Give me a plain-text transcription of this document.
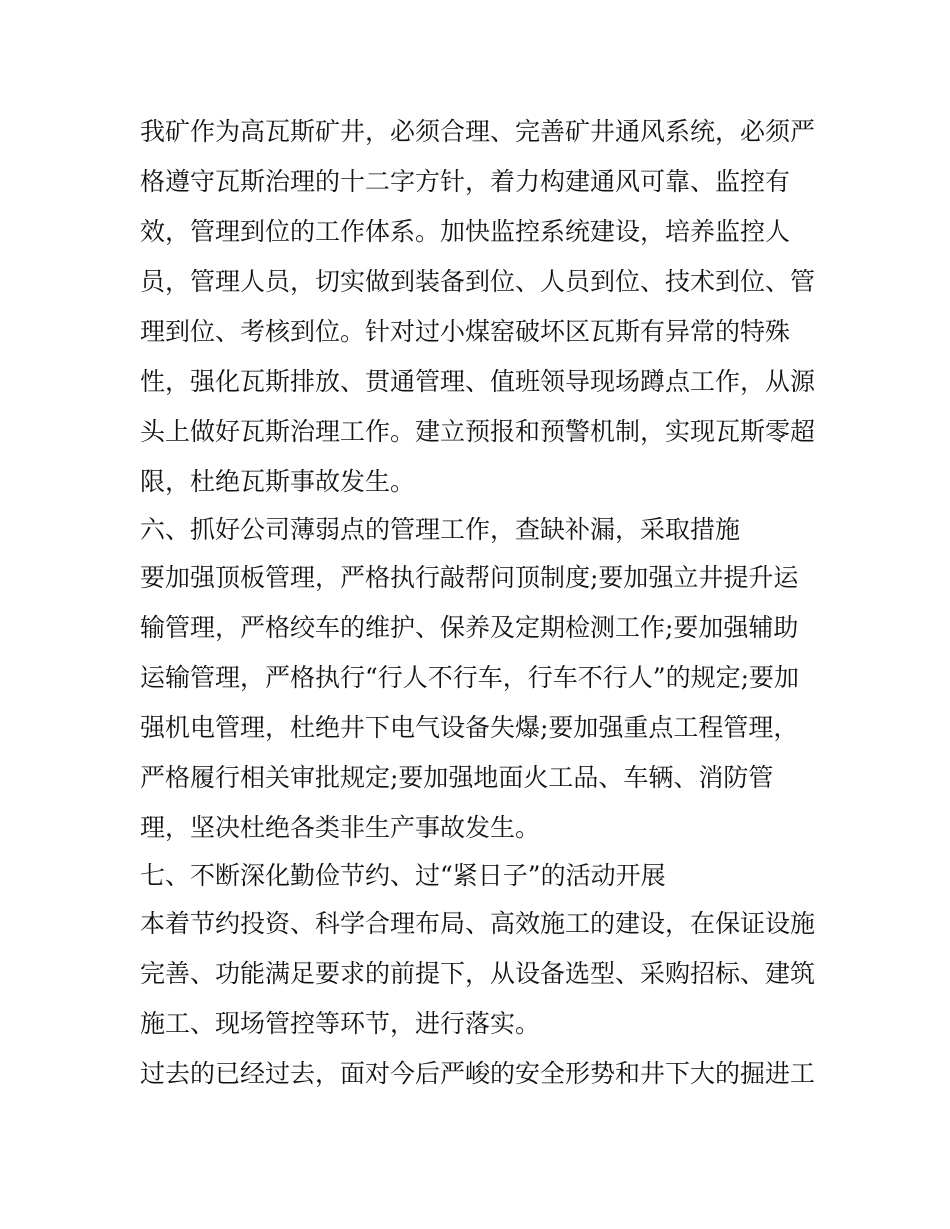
我矿作为高瓦斯矿井，必须合理、完善矿井通风系统，必须严
格遵守瓦斯治理的十二字方针，着力构建通风可靠、监控有
效，管理到位的工作体系。加快监控系统建设，培养监控人
员，管理人员，切实做到装备到位、人员到位、技术到位、管
理到位、考核到位。针对过小煤窑破坏区瓦斯有异常的特殊
性，强化瓦斯排放、贯通管理、值班领导现场蹲点工作，从源
头上做好瓦斯治理工作。建立预报和预警机制，实现瓦斯零超
限，杜绝瓦斯事故发生。
六、抓好公司薄弱点的管理工作，查缺补漏，采取措施
要加强顶板管理，严格执行敲帮问顶制度;要加强立井提升运
输管理，严格绞车的维护、保养及定期检测工作;要加强辅助
运输管理，严格执行“行人不行车，行车不行人”的规定;要加
强机电管理，杜绝井下电气设备失爆;要加强重点工程管理，
严格履行相关审批规定;要加强地面火工品、车辆、消防管
理，坚决杜绝各类非生产事故发生。
七、不断深化勤俭节约、过“紧日子”的活动开展
本着节约投资、科学合理布局、高效施工的建设，在保证设施
完善、功能满足要求的前提下，从设备选型、采购招标、建筑
施工、现场管控等环节，进行落实。
过去的已经过去，面对今后严峻的安全形势和井下大的掘进工
